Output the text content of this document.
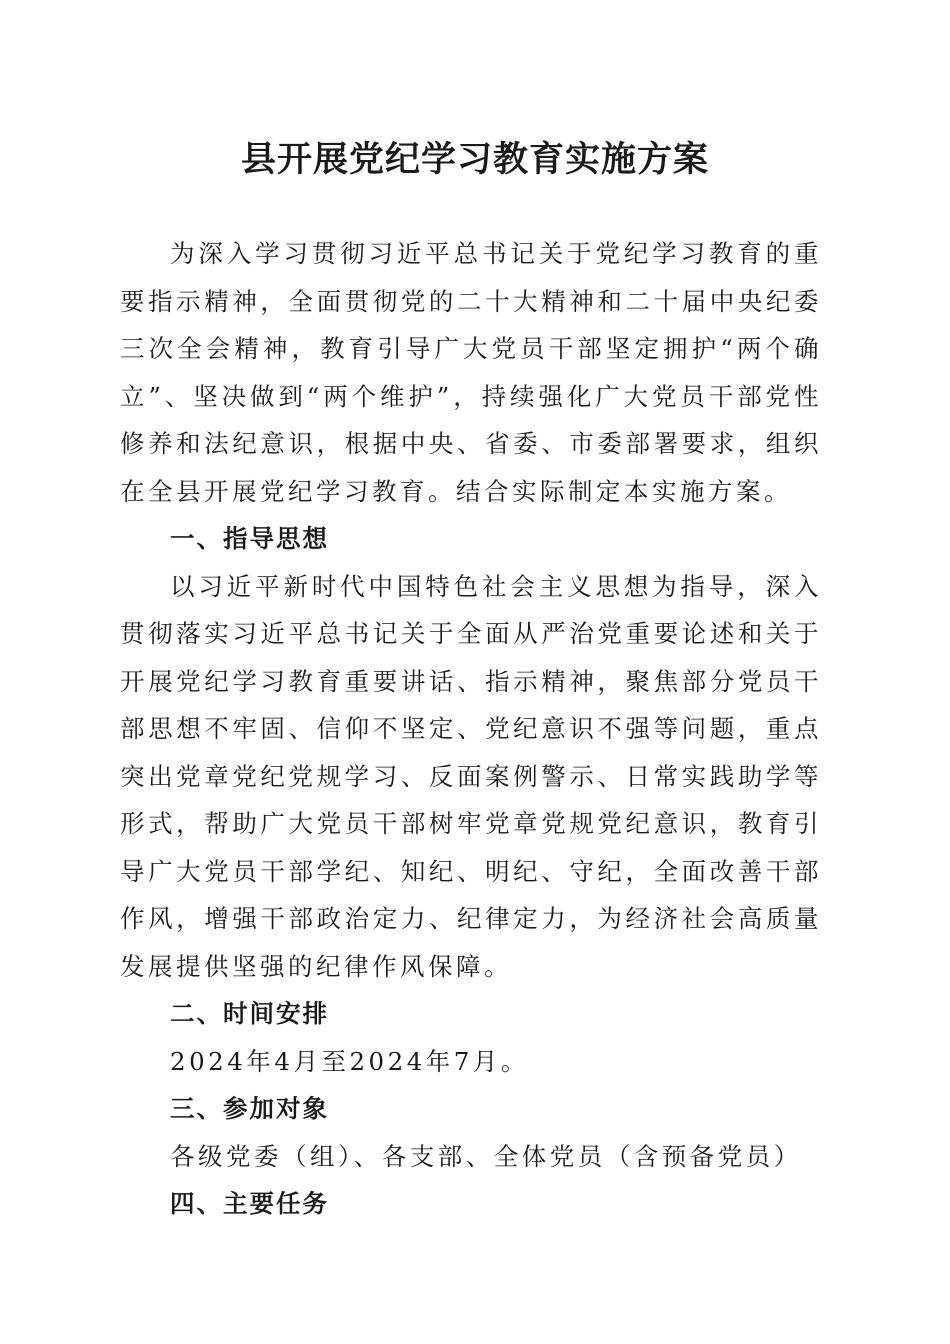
县开展党纪学习教育实施方案

为深入学习贯彻习近平总书记关于党纪学习教育的重要指示精神，全面贯彻党的二十大精神和二十届中央纪委三次全会精神，教育引导广大党员干部坚定拥护“两个确立”、坚决做到“两个维护”，持续强化广大党员干部党性修养和法纪意识，根据中央、省委、市委部署要求，组织在全县开展党纪学习教育。结合实际制定本实施方案。

一、指导思想

以习近平新时代中国特色社会主义思想为指导，深入贯彻落实习近平总书记关于全面从严治党重要论述和关于开展党纪学习教育重要讲话、指示精神，聚焦部分党员干部思想不牢固、信仰不坚定、党纪意识不强等问题，重点突出党章党纪党规学习、反面案例警示、日常实践助学等形式，帮助广大党员干部树牢党章党规党纪意识，教育引导广大党员干部学纪、知纪、明纪、守纪，全面改善干部作风，增强干部政治定力、纪律定力，为经济社会高质量发展提供坚强的纪律作风保障。

二、时间安排

2024年4月至2024年7月。

三、参加对象

各级党委（组）、各支部、全体党员（含预备党员）

四、主要任务
